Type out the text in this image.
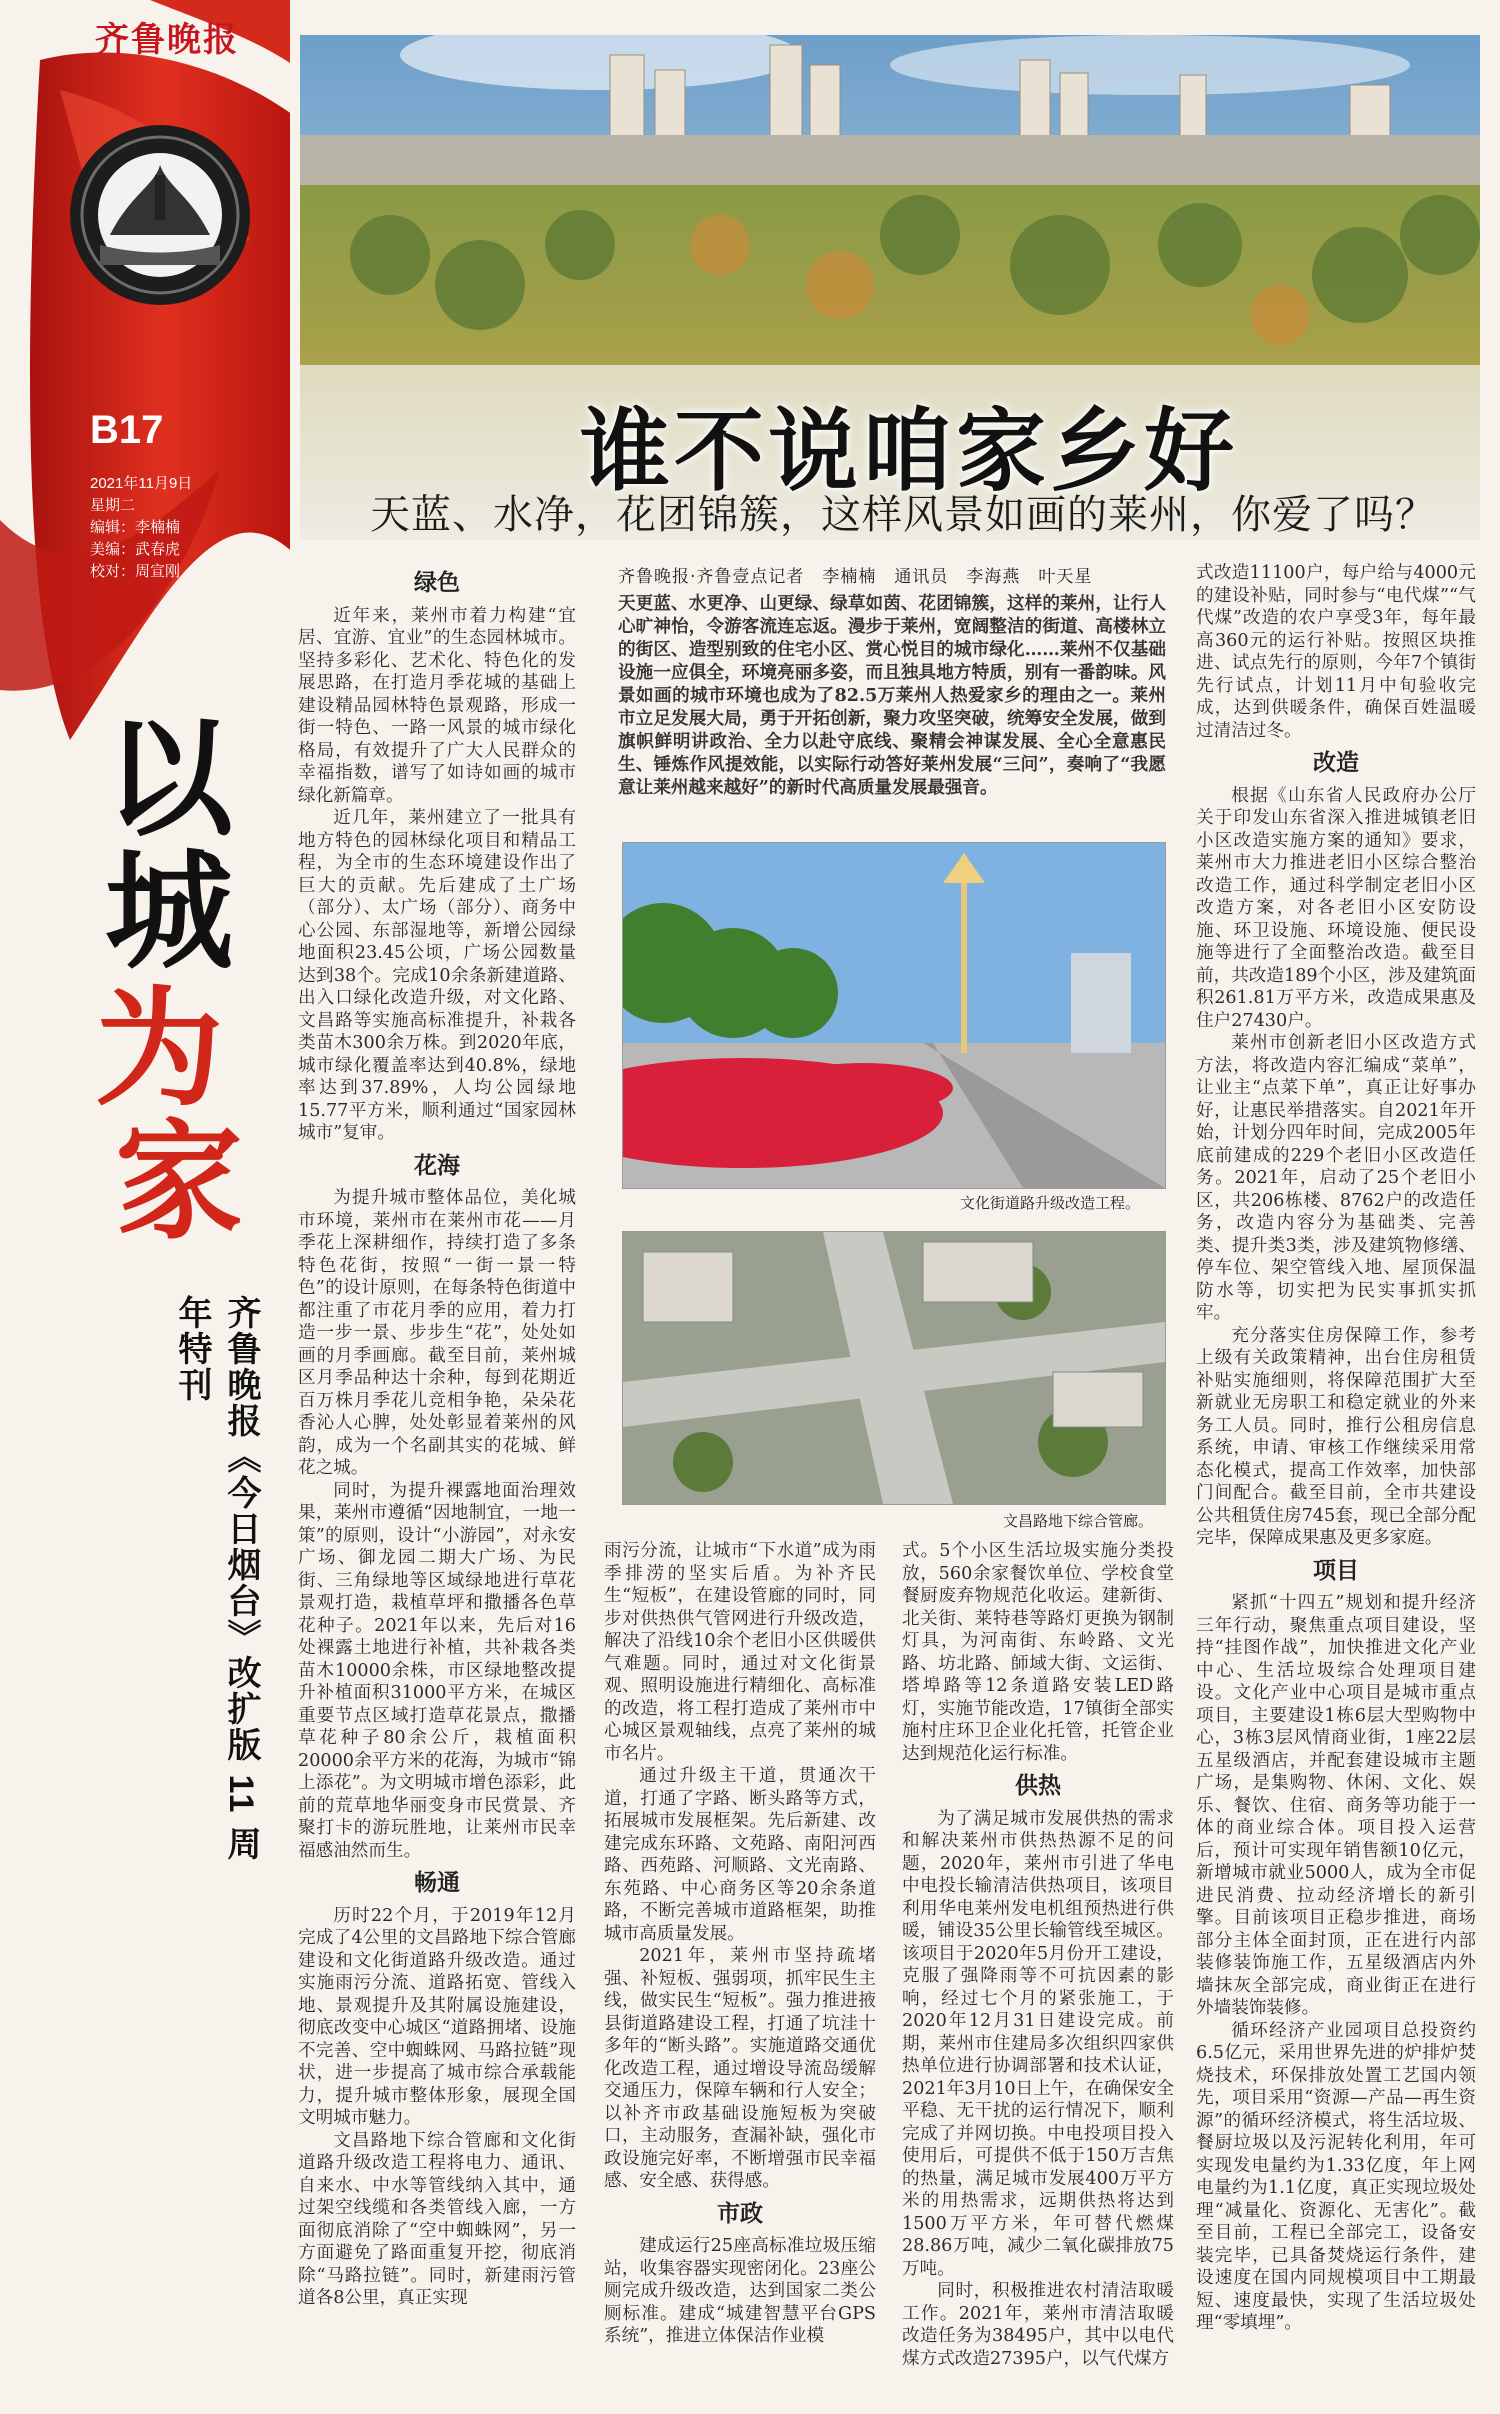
齐鲁晚报
B17
2021年11月9日
星期二
编辑：李楠楠
美编：武春虎
校对：周宣刚
以
城
为
家
齐鲁晚报《今日烟台》改扩版 11 周年特刊
谁不说咱家乡好
天蓝、水净，花团锦簇，这样风景如画的莱州，你爱了吗？
绿色

近年来，莱州市着力构建“宜居、宜游、宜业”的生态园林城市。坚持多彩化、艺术化、特色化的发展思路，在打造月季花城的基础上建设精品园林特色景观路，形成一街一特色、一路一风景的城市绿化格局，有效提升了广大人民群众的幸福指数，谱写了如诗如画的城市绿化新篇章。

近几年，莱州建立了一批具有地方特色的园林绿化项目和精品工程，为全市的生态环境建设作出了巨大的贡献。先后建成了土广场（部分）、太广场（部分）、商务中心公园、东部湿地等，新增公园绿地面积23.45公顷，广场公园数量达到38个。完成10余条新建道路、出入口绿化改造升级，对文化路、文昌路等实施高标准提升，补栽各类苗木300余万株。到2020年底，城市绿化覆盖率达到40.8%，绿地率达到37.89%，人均公园绿地15.77平方米，顺利通过“国家园林城市”复审。

花海

为提升城市整体品位，美化城市环境，莱州市在莱州市花——月季花上深耕细作，持续打造了多条特色花街，按照“一街一景一特色”的设计原则，在每条特色街道中都注重了市花月季的应用，着力打造一步一景、步步生“花”，处处如画的月季画廊。截至目前，莱州城区月季品种达十余种，每到花期近百万株月季花儿竞相争艳，朵朵花香沁人心脾，处处彰显着莱州的风韵，成为一个名副其实的花城、鲜花之城。

同时，为提升裸露地面治理效果，莱州市遵循“因地制宜，一地一策”的原则，设计“小游园”，对永安广场、御龙园二期大广场、为民街、三角绿地等区域绿地进行草花景观打造，栽植草坪和撒播各色草花种子。2021年以来，先后对16处裸露土地进行补植，共补栽各类苗木10000余株，市区绿地整改提升补植面积31000平方米，在城区重要节点区域打造草花景点，撒播草花种子80余公斤，栽植面积20000余平方米的花海，为城市“锦上添花”。为文明城市增色添彩，此前的荒草地华丽变身市民赏景、齐聚打卡的游玩胜地，让莱州市民幸福感油然而生。

畅通

历时22个月，于2019年12月完成了4公里的文昌路地下综合管廊建设和文化街道路升级改造。通过实施雨污分流、道路拓宽、管线入地、景观提升及其附属设施建设，彻底改变中心城区“道路拥堵、设施不完善、空中蜘蛛网、马路拉链”现状，进一步提高了城市综合承载能力，提升城市整体形象，展现全国文明城市魅力。

文昌路地下综合管廊和文化街道路升级改造工程将电力、通讯、自来水、中水等管线纳入其中，通过架空线缆和各类管线入廊，一方面彻底消除了“空中蜘蛛网”，另一方面避免了路面重复开挖，彻底消除“马路拉链”。同时，新建雨污管道各8公里，真正实现

齐鲁晚报·齐鲁壹点记者　李楠楠　通讯员　李海燕　叶天星
天更蓝、水更净、山更绿、绿草如茵、花团锦簇，这样的莱州，让行人心旷神怡，令游客流连忘返。漫步于莱州，宽阔整洁的街道、高楼林立的街区、造型别致的住宅小区、赏心悦目的城市绿化……莱州不仅基础设施一应俱全，环境亮丽多姿，而且独具地方特质，别有一番韵味。风景如画的城市环境也成为了82.5万莱州人热爱家乡的理由之一。莱州市立足发展大局，勇于开拓创新，聚力攻坚突破，统筹安全发展，做到旗帜鲜明讲政治、全力以赴守底线、聚精会神谋发展、全心全意惠民生、锤炼作风提效能，以实际行动答好莱州发展“三问”，奏响了“我愿意让莱州越来越好”的新时代高质量发展最强音。
文化街道路升级改造工程。
文昌路地下综合管廊。

雨污分流，让城市“下水道”成为雨季排涝的坚实后盾。为补齐民生“短板”，在建设管廊的同时，同步对供热供气管网进行升级改造，解决了沿线10余个老旧小区供暖供气难题。同时，通过对文化街景观、照明设施进行精细化、高标准的改造，将工程打造成了莱州市中心城区景观轴线，点亮了莱州的城市名片。

通过升级主干道，贯通次干道，打通了字路、断头路等方式，拓展城市发展框架。先后新建、改建完成东环路、文苑路、南阳河西路、西苑路、河顺路、文光南路、东苑路、中心商务区等20余条道路，不断完善城市道路框架，助推城市高质量发展。

2021年，莱州市坚持疏堵强、补短板、强弱项，抓牢民生主线，做实民生“短板”。强力推进掖县街道路建设工程，打通了坑洼十多年的“断头路”。实施道路交通优化改造工程，通过增设导流岛缓解交通压力，保障车辆和行人安全；以补齐市政基础设施短板为突破口，主动服务，查漏补缺，强化市政设施完好率，不断增强市民幸福感、安全感、获得感。

市政

建成运行25座高标准垃圾压缩站，收集容器实现密闭化。23座公厕完成升级改造，达到国家二类公厕标准。建成“城建智慧平台GPS系统”，推进立体保洁作业模

式。5个小区生活垃圾实施分类投放，560余家餐饮单位、学校食堂餐厨废弃物规范化收运。建新街、北关街、莱特巷等路灯更换为钢制灯具，为河南街、东岭路、文光路、坊北路、師域大街、文运街、塔埠路等12条道路安装LED路灯，实施节能改造，17镇街全部实施村庄环卫企业化托管，托管企业达到规范化运行标准。

供热

为了满足城市发展供热的需求和解决莱州市供热热源不足的问题，2020年，莱州市引进了华电中电投长输清洁供热项目，该项目利用华电莱州发电机组预热进行供暖，铺设35公里长输管线至城区。该项目于2020年5月份开工建设，克服了强降雨等不可抗因素的影响，经过七个月的紧张施工，于2020年12月31日建设完成。前期，莱州市住建局多次组织四家供热单位进行协调部署和技术认证，2021年3月10日上午，在确保安全平稳、无干扰的运行情况下，顺利完成了并网切换。中电投项目投入使用后，可提供不低于150万吉焦的热量，满足城市发展400万平方米的用热需求，远期供热将达到1500万平方米，年可替代燃煤28.86万吨，减少二氧化碳排放75万吨。

同时，积极推进农村清洁取暖工作。2021年，莱州市清洁取暖改造任务为38495户，其中以电代煤方式改造27395户，以气代煤方

式改造11100户，每户给与4000元的建设补贴，同时参与“电代煤”“气代煤”改造的农户享受3年，每年最高360元的运行补贴。按照区块推进、试点先行的原则，今年7个镇街先行试点，计划11月中旬验收完成，达到供暖条件，确保百姓温暖过清洁过冬。

改造

根据《山东省人民政府办公厅 关于印发山东省深入推进城镇老旧小区改造实施方案的通知》要求，莱州市大力推进老旧小区综合整治改造工作，通过科学制定老旧小区改造方案，对各老旧小区安防设施、环卫设施、环境设施、便民设施等进行了全面整治改造。截至目前，共改造189个小区，涉及建筑面积261.81万平方米，改造成果惠及住户27430户。

莱州市创新老旧小区改造方式方法，将改造内容汇编成“菜单”，让业主“点菜下单”，真正让好事办好，让惠民举措落实。自2021年开始，计划分四年时间，完成2005年底前建成的229个老旧小区改造任务。2021年，启动了25个老旧小区，共206栋楼、8762户的改造任务，改造内容分为基础类、完善类、提升类3类，涉及建筑物修缮、停车位、架空管线入地、屋顶保温防水等，切实把为民实事抓实抓牢。

充分落实住房保障工作，参考上级有关政策精神，出台住房租赁补贴实施细则，将保障范围扩大至新就业无房职工和稳定就业的外来务工人员。同时，推行公租房信息系统，申请、审核工作继续采用常态化模式，提高工作效率，加快部门间配合。截至目前，全市共建设公共租赁住房745套，现已全部分配完毕，保障成果惠及更多家庭。

项目

紧抓“十四五”规划和提升经济三年行动，聚焦重点项目建设，坚持“挂图作战”，加快推进文化产业中心、生活垃圾综合处理项目建设。文化产业中心项目是城市重点项目，主要建设1栋6层大型购物中心，3栋3层风情商业街，1座22层五星级酒店，并配套建设城市主题广场，是集购物、休闲、文化、娱乐、餐饮、住宿、商务等功能于一体的商业综合体。项目投入运营后，预计可实现年销售额10亿元，新增城市就业5000人，成为全市促进民消费、拉动经济增长的新引擎。目前该项目正稳步推进，商场部分主体全面封顶，正在进行内部装修装饰施工作，五星级酒店内外墙抹灰全部完成，商业街正在进行外墙装饰装修。

循环经济产业园项目总投资约6.5亿元，采用世界先进的炉排炉焚烧技术，环保排放处置工艺国内领先，项目采用“资源—产品—再生资源”的循环经济模式，将生活垃圾、餐厨垃圾以及污泥转化利用，年可实现发电量约为1.33亿度，年上网电量约为1.1亿度，真正实现垃圾处理“减量化、资源化、无害化”。截至目前，工程已全部完工，设备安装完毕，已具备焚烧运行条件，建设速度在国内同规模项目中工期最短、速度最快，实现了生活垃圾处理“零填埋”。
